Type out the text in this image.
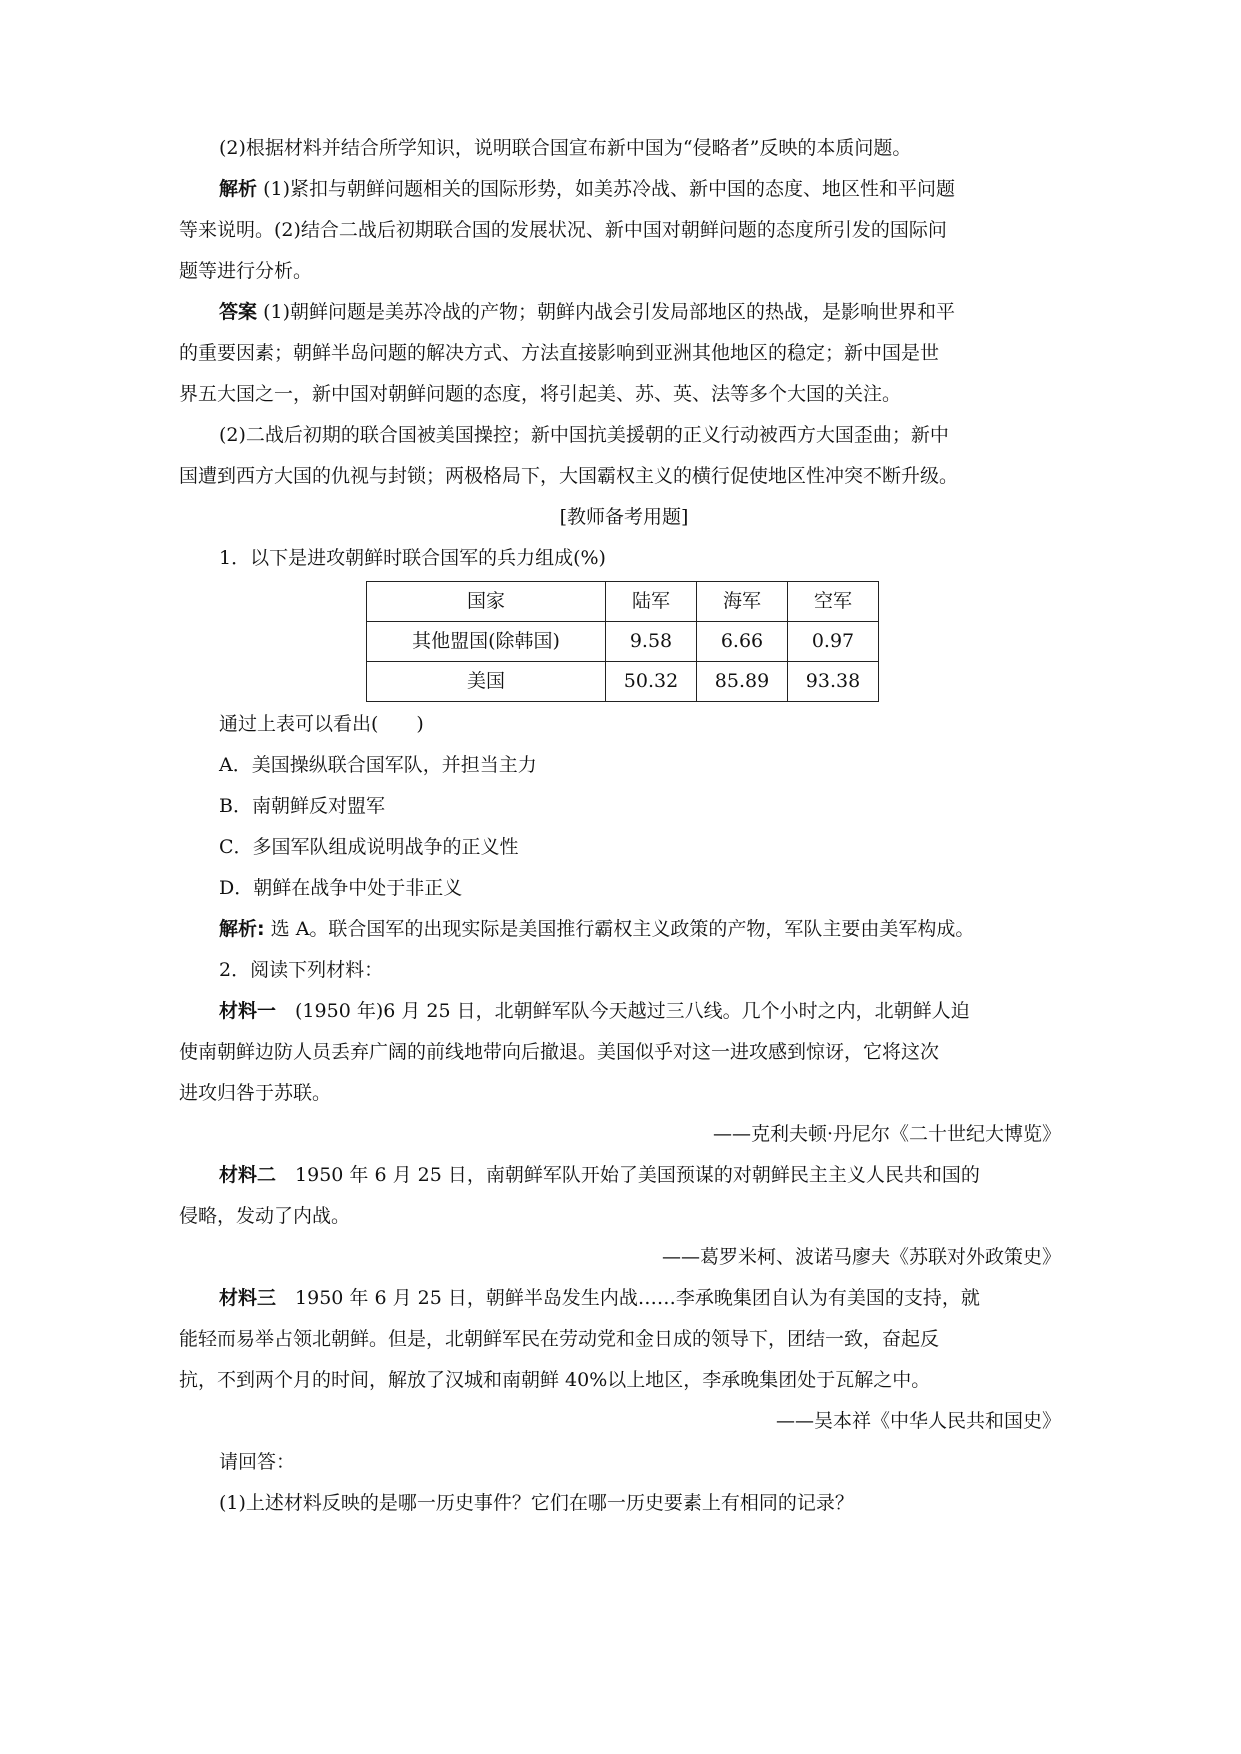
(2)根据材料并结合所学知识，说明联合国宣布新中国为“侵略者”反映的本质问题。

解析 (1)紧扣与朝鲜问题相关的国际形势，如美苏冷战、新中国的态度、地区性和平问题

等来说明。(2)结合二战后初期联合国的发展状况、新中国对朝鲜问题的态度所引发的国际问

题等进行分析。

答案 (1)朝鲜问题是美苏冷战的产物；朝鲜内战会引发局部地区的热战，是影响世界和平

的重要因素；朝鲜半岛问题的解决方式、方法直接影响到亚洲其他地区的稳定；新中国是世

界五大国之一，新中国对朝鲜问题的态度，将引起美、苏、英、法等多个大国的关注。

(2)二战后初期的联合国被美国操控；新中国抗美援朝的正义行动被西方大国歪曲；新中

国遭到西方大国的仇视与封锁；两极格局下，大国霸权主义的横行促使地区性冲突不断升级。

[教师备考用题]

1．以下是进攻朝鲜时联合国军的兵力组成(%)

国家	陆军	海军	空军
其他盟国(除韩国)	9.58	6.66	0.97
美国	50.32	85.89	93.38

通过上表可以看出(　　)

A．美国操纵联合国军队，并担当主力

B．南朝鲜反对盟军

C．多国军队组成说明战争的正义性

D．朝鲜在战争中处于非正义

解析: 选 A。联合国军的出现实际是美国推行霸权主义政策的产物，军队主要由美军构成。

2．阅读下列材料：

材料一　(1950 年)6 月 25 日，北朝鲜军队今天越过三八线。几个小时之内，北朝鲜人迫

使南朝鲜边防人员丢弃广阔的前线地带向后撤退。美国似乎对这一进攻感到惊讶，它将这次

进攻归咎于苏联。

——克利夫顿·丹尼尔《二十世纪大博览》

材料二　1950 年 6 月 25 日，南朝鲜军队开始了美国预谋的对朝鲜民主主义人民共和国的

侵略，发动了内战。

——葛罗米柯、波诺马廖夫《苏联对外政策史》

材料三　1950 年 6 月 25 日，朝鲜半岛发生内战……李承晚集团自认为有美国的支持，就

能轻而易举占领北朝鲜。但是，北朝鲜军民在劳动党和金日成的领导下，团结一致，奋起反

抗，不到两个月的时间，解放了汉城和南朝鲜 40%以上地区，李承晚集团处于瓦解之中。

——吴本祥《中华人民共和国史》

请回答：

(1)上述材料反映的是哪一历史事件？它们在哪一历史要素上有相同的记录？
